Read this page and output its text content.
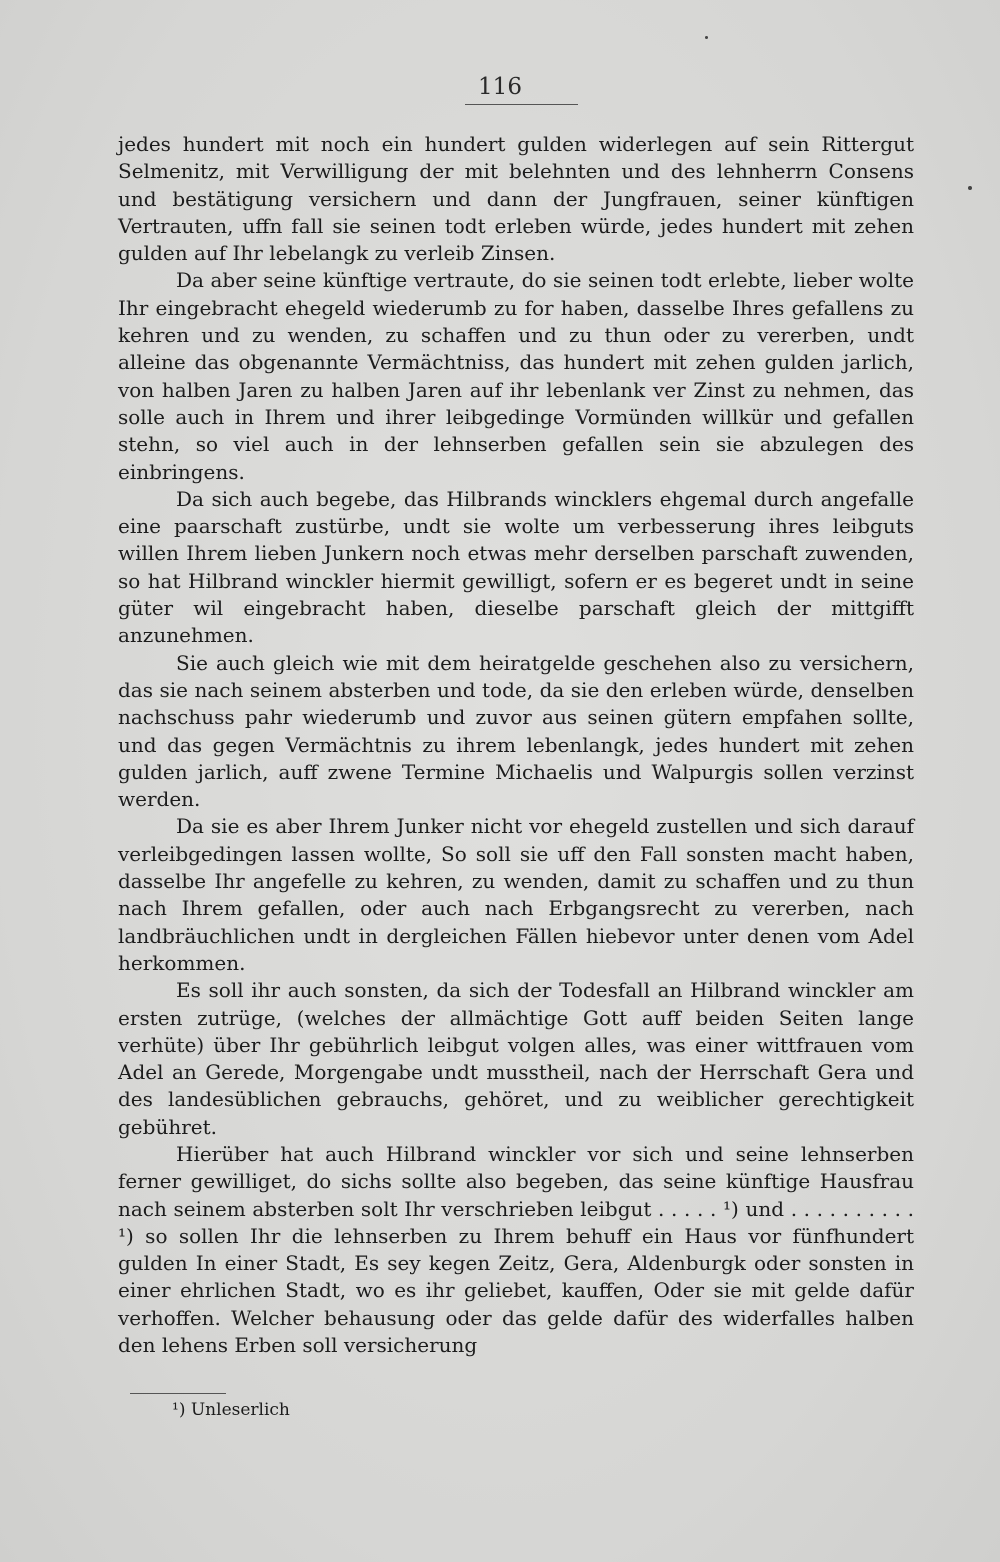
116

jedes hundert mit noch ein hundert gulden widerlegen auf sein Rittergut Selmenitz, mit Verwilligung der mit belehnten und des lehnherrn Consens und bestätigung versichern und dann der Jungfrauen, seiner künftigen Vertrauten, uffn fall sie seinen todt erleben würde, jedes hundert mit zehen gulden auf Ihr lebelangk zu verleib Zinsen.

Da aber seine künftige vertraute, do sie seinen todt erlebte, lieber wolte Ihr eingebracht ehegeld wiederumb zu for haben, dasselbe Ihres gefallens zu kehren und zu wenden, zu schaffen und zu thun oder zu vererben, undt alleine das obgenannte Vermächtniss, das hundert mit zehen gulden jarlich, von halben Jaren zu halben Jaren auf ihr lebenlank ver Zinst zu nehmen, das solle auch in Ihrem und ihrer leibgedinge Vormünden willkür und gefallen stehn, so viel auch in der lehnserben gefallen sein sie abzulegen des einbringens.

Da sich auch begebe, das Hilbrands wincklers ehgemal durch angefalle eine paarschaft zustürbe, undt sie wolte um verbesserung ihres leibguts willen Ihrem lieben Junkern noch etwas mehr derselben parschaft zuwenden, so hat Hilbrand winckler hiermit gewilligt, sofern er es begeret undt in seine güter wil eingebracht haben, dieselbe parschaft gleich der mittgifft anzunehmen.

Sie auch gleich wie mit dem heiratgelde geschehen also zu versichern, das sie nach seinem absterben und tode, da sie den erleben würde, denselben nachschuss pahr wiederumb und zuvor aus seinen gütern empfahen sollte, und das gegen Vermächtnis zu ihrem lebenlangk, jedes hundert mit zehen gulden jarlich, auff zwene Termine Michaelis und Walpurgis sollen verzinst werden.

Da sie es aber Ihrem Junker nicht vor ehegeld zustellen und sich darauf verleibgedingen lassen wollte, So soll sie uff den Fall sonsten macht haben, dasselbe Ihr angefelle zu kehren, zu wenden, damit zu schaffen und zu thun nach Ihrem gefallen, oder auch nach Erbgangsrecht zu vererben, nach landbräuchlichen undt in dergleichen Fällen hiebevor unter denen vom Adel herkommen.

Es soll ihr auch sonsten, da sich der Todesfall an Hilbrand winckler am ersten zutrüge, (welches der allmächtige Gott auff beiden Seiten lange verhüte) über Ihr gebührlich leibgut volgen alles, was einer wittfrauen vom Adel an Gerede, Morgengabe undt mussthеil, nach der Herrschaft Gera und des landesüblichen gebrauchs, gehöret, und zu weiblicher gerechtigkeit gebühret.

Hierüber hat auch Hilbrand winckler vor sich und seine lehnserben ferner gewilliget, do sichs sollte also begeben, das seine künftige Hausfrau nach seinem absterben solt Ihr verschrieben leibgut . . . . . ¹) und . . . . . . . . . . ¹) so sollen Ihr die lehnserben zu Ihrem behuff ein Haus vor fünfhundert gulden In einer Stadt, Es sey kegen Zeitz, Gera, Aldenburgk oder sonsten in einer ehrlichen Stadt, wo es ihr geliebet, kauffen, Oder sie mit gelde dafür verhoffen. Welcher behausung oder das gelde dafür des widerfalles halben den lehens Erben soll versicherung

¹) Unleserlich
